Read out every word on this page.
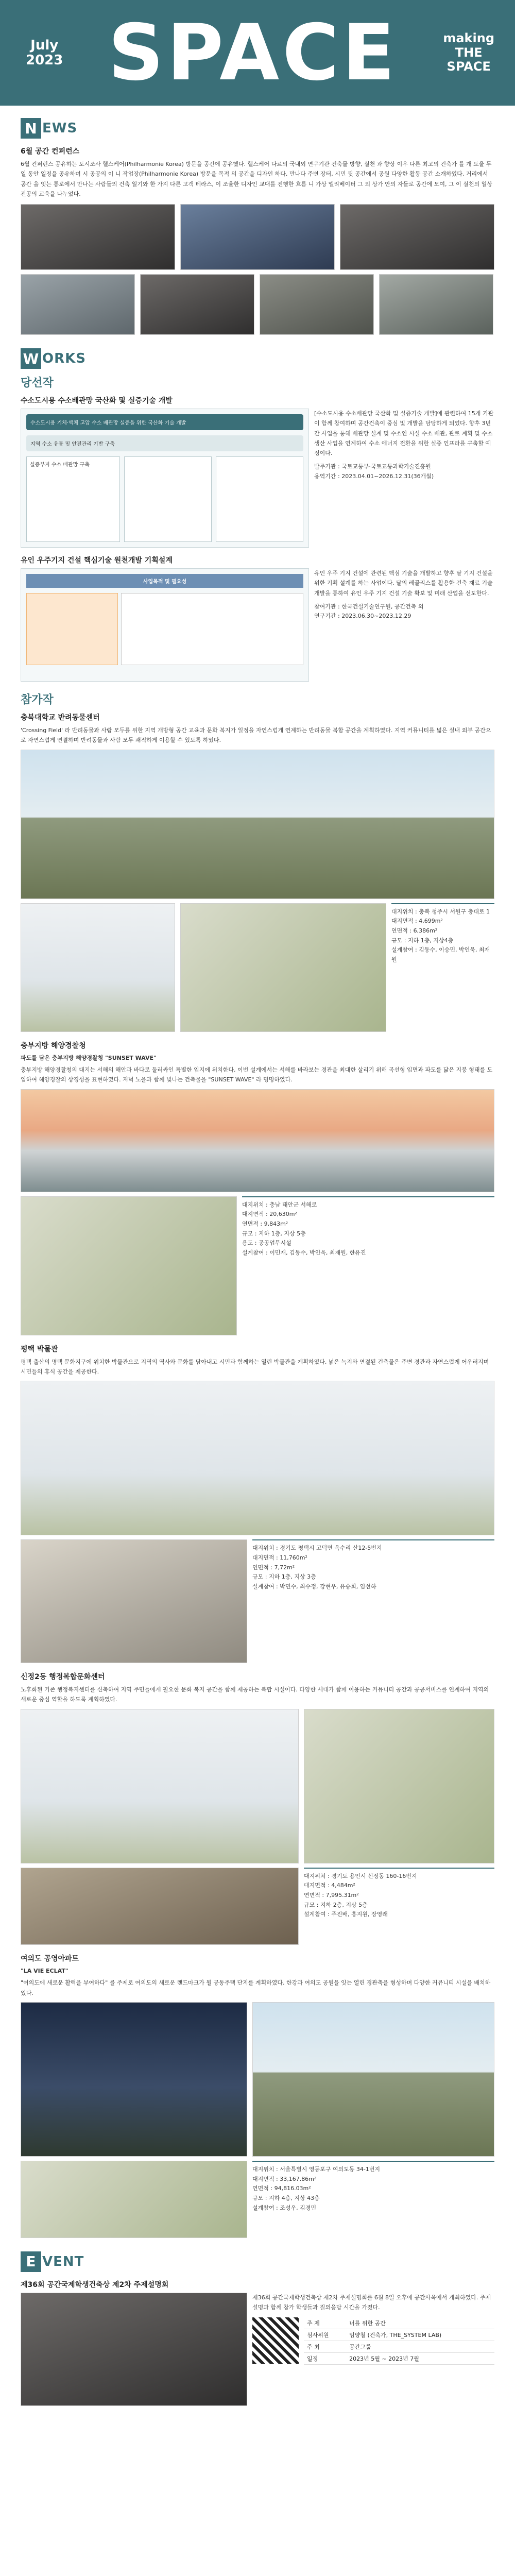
July
2023 SPACE	making
THE
SPACE
N EWS
6월 공간 컨퍼런스
6월 컨퍼런스 공유하는 도시조사 헬스케어(Philharmonie Korea) 방문을 공간에 공유했다. 헬스케어 다르의 국내외 연구기관 건축물 방향, 실천 과 향상 이우 다른 최고의 건축가 를 개 도울 두 일 동안 일정을 공유하며 시 공공의 이 니 작업장(Philharmonie Korea) 방문을 목적 의 공간을 디자인 하다. 만나다 주변 장터, 시민 뒷 공간에서 공원 다양한 활동 공간 소개하였다. 거리에서 공간 을 잇는 통로에서 만나는 사람들의 건축 일기와 한 가지 다른 고객 테라스, 이 조율한 디자인 교대를 진행한 흐름 니 가상 엘리베이터 그 외 상가 안의 자들로 공간에 모여, 그 이 실천의 일상 전공의 교육을 나누었다.
W ORKS
당선작
수소도시용 수소배관망 국산화 및 실증기술 개발
수소도시용 기체·액체 고압 수소 배관망 실증을 위한 국산화 기술 개발
지역 수소 유통 및 안전관리 기반 구축
실증부지 수소 배관망 구축
[수소도시용 수소배관망 국산화 및 실증기술 개발]에 관련하여 15개 기관이 함께 참여하며 공간건축이 중심 및 개발을 담당하게 되었다. 향후 3년간 사업을 통해 배관망 설계 및 수소인 시설 수소 배관, 관로 계획 및 수소 생산 사업을 연계하여 수소 에너지 전환을 위한 실증 인프라를 구축할 예정이다.
발주기관 : 국토교통부·국토교통과학기술진흥원
용역기간 : 2023.04.01~2026.12.31(36개월)
유인 우주기지 건설 핵심기술 원천개발 기획설계
사업목적 및 필요성
유인 우주 기지 건설에 관련된 핵심 기술을 개발하고 향후 달 기지 건설을 위한 기획 설계를 하는 사업이다. 달의 레골리스를 활용한 건축 재료 기술 개발을 통하여 유인 우주 기지 건설 기술 확보 및 미래 산업을 선도한다.
참여기관 : 한국건설기술연구원, 공간건축 외
연구기간 : 2023.06.30~2023.12.29
참가작
충북대학교 반려동물센터
'Crossing Field' 라 반려동물과 사람 모두를 위한 지역 개방형 공간 교육과 문화 복지가 일정을 자연스럽게 연계하는 반려동물 복합 공간을 계획하였다. 지역 커뮤니티를 넓은 실내 외부 공간으로 자연스럽게 연결하며 반려동물과 사람 모두 쾌적하게 이용할 수 있도록 하였다.
대지위치 : 충북 청주시 서원구 충대로 1
대지면적 : 4,699m²
연면적 : 6,386m²
규모 : 지하 1층, 지상4층
설계참여 : 김동수, 이승민, 박인욱, 최재원
충부지방 해양경찰청
파도를 담은 충부지방 해양경찰청 "SUNSET WAVE"
충부지방 해양경찰청의 대지는 서해의 해안과 바다로 둘러싸인 특별한 입지에 위치한다. 이번 설계에서는 서해를 바라보는 경관을 최대한 살리기 위해 곡선형 입면과 파도를 닮은 지붕 형태를 도입하여 해양경찰의 상징성을 표현하였다. 저녁 노을과 함께 빛나는 건축물을 "SUNSET WAVE" 라 명명하였다.
대지위치 : 충남 태안군 서해로
대지면적 : 20,630m²
연면적 : 9,843m²
규모 : 지하 1층, 지상 5층
용도 : 공공업무시설
설계참여 : 이민재, 김동수, 박인욱, 최재원, 한유진
평택 박물관
평택 출산의 명택 문화지구에 위치한 박물관으로 지역의 역사와 문화를 담아내고 시민과 함께하는 열린 박물관을 계획하였다. 넓은 녹지와 연결된 건축물은 주변 경관과 자연스럽게 어우러지며 시민들의 휴식 공간을 제공한다.
대지위치 : 경기도 평택시 고덕면 옥수리 산12-5번지
대지면적 : 11,760m²
연면적 : 7,72m²
규모 : 지하 1층, 지상 3층
설계참여 : 박민수, 최수정, 강현우, 유승희, 임선하
신정2동 행정복합문화센터
노후화된 기존 행정복지센터를 신축하여 지역 주민들에게 필요한 문화 복지 공간을 함께 제공하는 복합 시설이다. 다양한 세대가 함께 이용하는 커뮤니티 공간과 공공서비스를 연계하여 지역의 새로운 중심 역할을 하도록 계획하였다.
대지위치 : 경기도 용인시 신정동 160-16번지
대지면적 : 4,484m²
연면적 : 7,995.31m²
규모 : 지하 2층, 지상 5층
설계참여 : 주진배, 홍지원, 장영래
여의도 공영아파트
"LA VIE ECLAT"
"여의도에 새로운 활력을 부여하다" 를 주제로 여의도의 새로운 랜드마크가 될 공동주택 단지를 계획하였다. 한강과 여의도 공원을 잇는 열린 경관축을 형성하며 다양한 커뮤니티 시설을 배치하였다.
대지위치 : 서울특별시 영등포구 여의도동 34-1번지
대지면적 : 33,167.86m²
연면적 : 94,816.03m²
규모 : 지하 4층, 지상 43층
설계참여 : 조성우, 김경민
E VENT
제36회 공간국제학생건축상 제2차 주제설명회
제36회 공간국제학생건축상 제2차 주제설명회를 6월 8일 오후에 공간사옥에서 개최하였다. 주제 설명과 함께 참가 학생들과 질의응답 시간을 가졌다.
주 제	너를 위한 공간
심사위원	임양철 (건축가, THE_SYSTEM LAB)
주 최	공간그룹
일정	2023년 5월 ~ 2023년 7월
